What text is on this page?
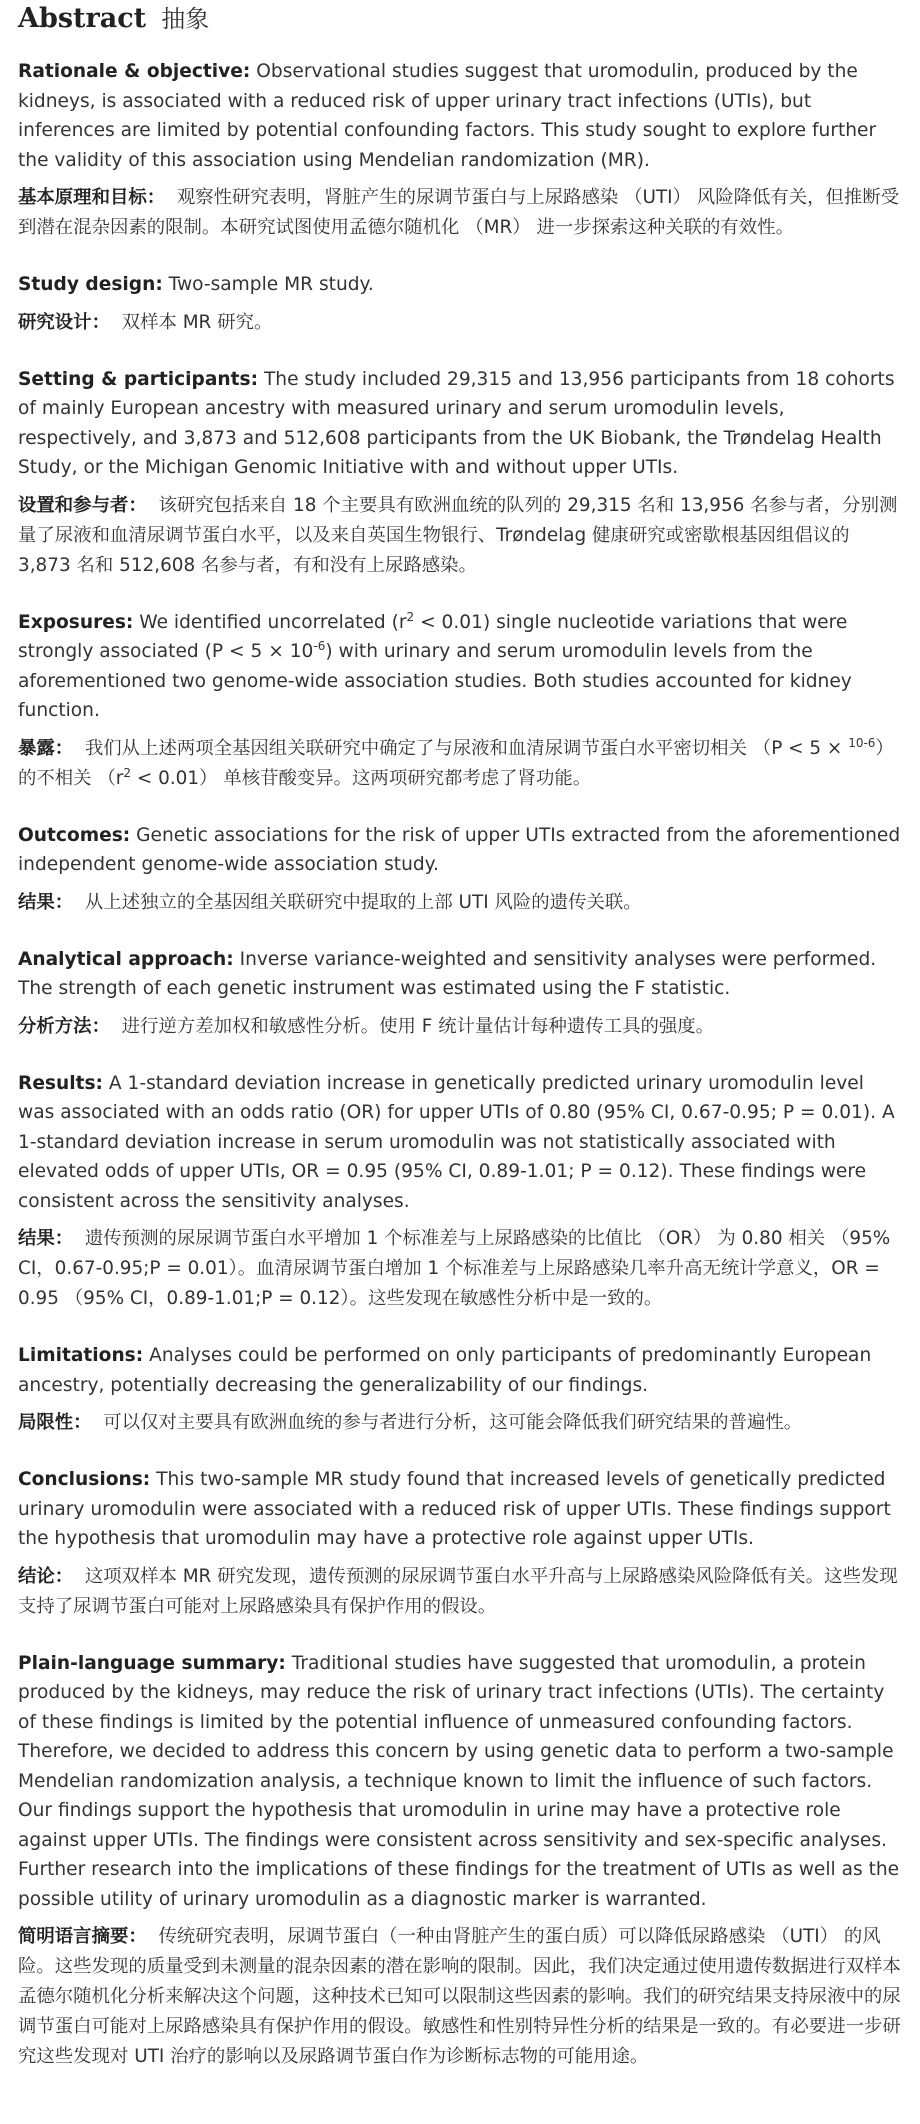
Abstract 抽象

Rationale & objective: Observational studies suggest that uromodulin, produced by the kidneys, is associated with a reduced risk of upper urinary tract infections (UTIs), but inferences are limited by potential confounding factors. This study sought to explore further the validity of this association using Mendelian randomization (MR).

基本原理和目标： 观察性研究表明，肾脏产生的尿调节蛋白与上尿路感染 （UTI） 风险降低有关，但推断受到潜在混杂因素的限制。本研究试图使用孟德尔随机化 （MR） 进一步探索这种关联的有效性。

Study design: Two-sample MR study.

研究设计： 双样本 MR 研究。

Setting & participants: The study included 29,315 and 13,956 participants from 18 cohorts of mainly European ancestry with measured urinary and serum uromodulin levels, respectively, and 3,873 and 512,608 participants from the UK Biobank, the Trøndelag Health Study, or the Michigan Genomic Initiative with and without upper UTIs.

设置和参与者： 该研究包括来自 18 个主要具有欧洲血统的队列的 29,315 名和 13,956 名参与者，分别测量了尿液和血清尿调节蛋白水平，以及来自英国生物银行、Trøndelag 健康研究或密歇根基因组倡议的 3,873 名和 512,608 名参与者，有和没有上尿路感染。

Exposures: We identified uncorrelated $(r^2 < 0.01)$ single nucleotide variations that were strongly associated $(P < 5 \times 10^{-6})$ with urinary and serum uromodulin levels from the aforementioned two genome-wide association studies. Both studies accounted for kidney function.

暴露： 我们从上述两项全基因组关联研究中确定了与尿液和血清尿调节蛋白水平密切相关 （P < 5 × $^{10-6}$） 的不相关 $(r^2 < 0.01)$ 单核苷酸变异。这两项研究都考虑了肾功能。

Outcomes: Genetic associations for the risk of upper UTIs extracted from the aforementioned independent genome-wide association study.

结果： 从上述独立的全基因组关联研究中提取的上部 UTI 风险的遗传关联。

Analytical approach: Inverse variance-weighted and sensitivity analyses were performed. The strength of each genetic instrument was estimated using the F statistic.

分析方法： 进行逆方差加权和敏感性分析。使用 F 统计量估计每种遗传工具的强度。

Results: A 1-standard deviation increase in genetically predicted urinary uromodulin level was associated with an odds ratio (OR) for upper UTIs of 0.80 (95% CI, 0.67-0.95; P = 0.01). A 1-standard deviation increase in serum uromodulin was not statistically associated with elevated odds of upper UTIs, OR = 0.95 (95% CI, 0.89-1.01; P = 0.12). These findings were consistent across the sensitivity analyses.

结果： 遗传预测的尿尿调节蛋白水平增加 1 个标准差与上尿路感染的比值比 （OR） 为 0.80 相关 （95% CI，0.67-0.95;P = 0.01）。血清尿调节蛋白增加 1 个标准差与上尿路感染几率升高无统计学意义，OR = 0.95 （95% CI，0.89-1.01;P = 0.12）。这些发现在敏感性分析中是一致的。

Limitations: Analyses could be performed on only participants of predominantly European ancestry, potentially decreasing the generalizability of our findings.

局限性： 可以仅对主要具有欧洲血统的参与者进行分析，这可能会降低我们研究结果的普遍性。

Conclusions: This two-sample MR study found that increased levels of genetically predicted urinary uromodulin were associated with a reduced risk of upper UTIs. These findings support the hypothesis that uromodulin may have a protective role against upper UTIs.

结论： 这项双样本 MR 研究发现，遗传预测的尿尿调节蛋白水平升高与上尿路感染风险降低有关。这些发现支持了尿调节蛋白可能对上尿路感染具有保护作用的假设。

Plain-language summary: Traditional studies have suggested that uromodulin, a protein produced by the kidneys, may reduce the risk of urinary tract infections (UTIs). The certainty of these findings is limited by the potential influence of unmeasured confounding factors. Therefore, we decided to address this concern by using genetic data to perform a two-sample Mendelian randomization analysis, a technique known to limit the influence of such factors. Our findings support the hypothesis that uromodulin in urine may have a protective role against upper UTIs. The findings were consistent across sensitivity and sex-specific analyses. Further research into the implications of these findings for the treatment of UTIs as well as the possible utility of urinary uromodulin as a diagnostic marker is warranted.

简明语言摘要： 传统研究表明，尿调节蛋白（一种由肾脏产生的蛋白质）可以降低尿路感染 （UTI） 的风险。这些发现的质量受到未测量的混杂因素的潜在影响的限制。因此，我们决定通过使用遗传数据进行双样本孟德尔随机化分析来解决这个问题，这种技术已知可以限制这些因素的影响。我们的研究结果支持尿液中的尿调节蛋白可能对上尿路感染具有保护作用的假设。敏感性和性别特异性分析的结果是一致的。有必要进一步研究这些发现对 UTI 治疗的影响以及尿路调节蛋白作为诊断标志物的可能用途。
